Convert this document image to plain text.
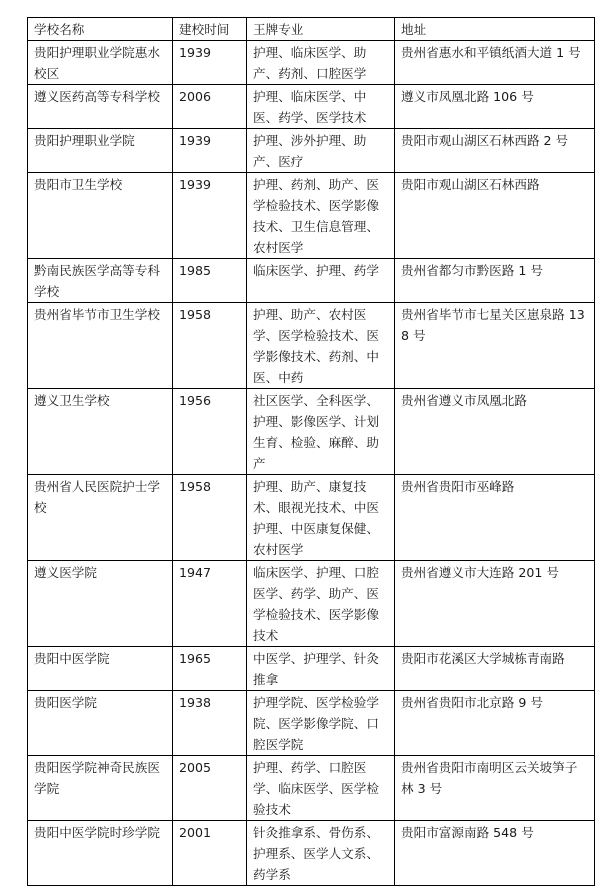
学校名称	建校时间	王牌专业	地址
贵阳护理职业学院惠水校区	1939	护理、临床医学、助产、药剂、口腔医学	贵州省惠水和平镇纸酒大道 1 号
遵义医药高等专科学校	2006	护理、临床医学、中医、药学、医学技术	遵义市凤凰北路 106 号
贵阳护理职业学院	1939	护理、涉外护理、助产、医疗	贵阳市观山湖区石林西路 2 号
贵阳市卫生学校	1939	护理、药剂、助产、医学检验技术、医学影像技术、卫生信息管理、农村医学	贵阳市观山湖区石林西路
黔南民族医学高等专科学校	1985	临床医学、护理、药学	贵州省都匀市黔医路 1 号
贵州省毕节市卫生学校	1958	护理、助产、农村医学、医学检验技术、医学影像技术、药剂、中医、中药	贵州省毕节市七星关区崽泉路 138 号
遵义卫生学校	1956	社区医学、全科医学、护理、影像医学、计划生育、检验、麻醉、助产	贵州省遵义市凤凰北路
贵州省人民医院护士学校	1958	护理、助产、康复技术、眼视光技术、中医护理、中医康复保健、农村医学	贵州省贵阳市巫峰路
遵义医学院	1947	临床医学、护理、口腔医学、药学、助产、医学检验技术、医学影像技术	贵州省遵义市大连路 201 号
贵阳中医学院	1965	中医学、护理学、针灸推拿	贵阳市花溪区大学城栋青南路
贵阳医学院	1938	护理学院、医学检验学院、医学影像学院、口腔医学院	贵州省贵阳市北京路 9 号
贵阳医学院神奇民族医学院	2005	护理、药学、口腔医学、临床医学、医学检验技术	贵州省贵阳市南明区云关坡笋子林 3 号
贵阳中医学院时珍学院	2001	针灸推拿系、骨伤系、护理系、医学人文系、药学系	贵阳市富源南路 548 号
